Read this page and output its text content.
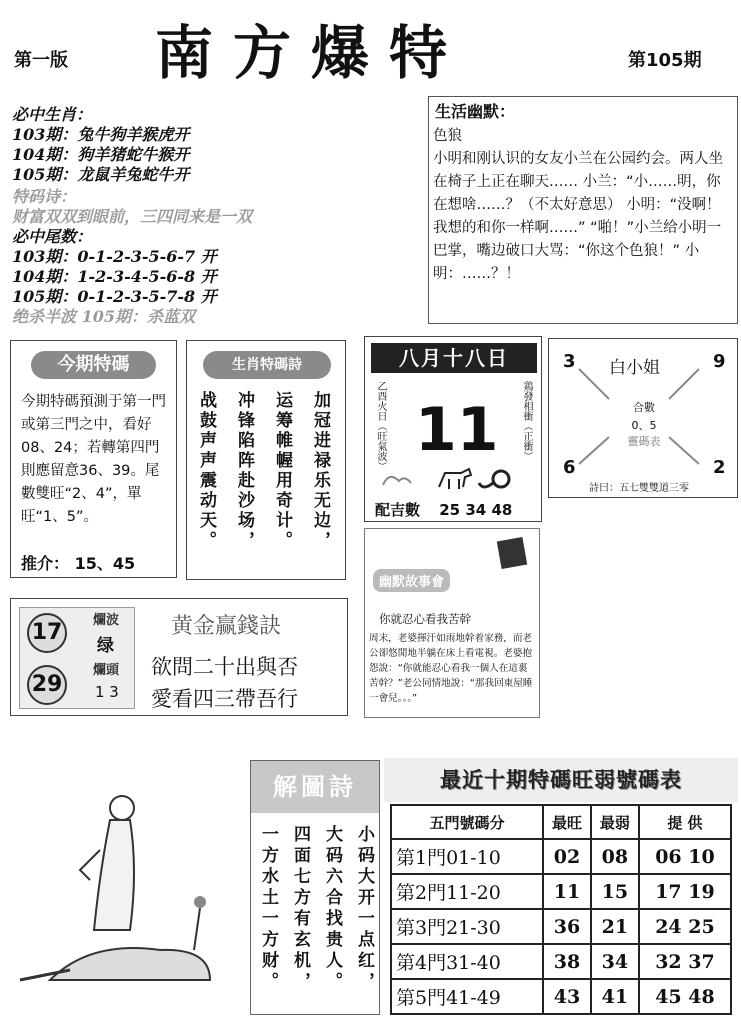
南方爆特
第一版	第105期
必中生肖：
103期：兔牛狗羊猴虎开
104期：狗羊猪蛇牛猴开
105期：龙鼠羊兔蛇牛开
特码诗：
财富双双到眼前，三四同来是一双
必中尾数：
103期：0-1-2-3-5-6-7 开
104期：1-2-3-4-5-6-8 开
105期：0-1-2-3-5-7-8 开
绝杀半波 105期：杀蓝双
生活幽默：
色狼
小明和刚认识的女友小兰在公园约会。两人坐在椅子上正在聊天…… 小兰：“小……明，你在想啥……？（不太好意思） 小明：“没啊！我想的和你一样啊……” “啪！”小兰给小明一巴掌，嘴边破口大骂：“你这个色狼！” 小明：……？！
今期特碼
今期特碼預測于第一門或第三門之中，看好08、24；若轉第四門則應留意36、39。尾數雙旺“2、4”，單旺“1、5”。
推介： 15、45
生肖特碼詩
加冠进禄乐无边，
运筹帷幄用奇计。
冲锋陷阵赴沙场，
战鼓声声震动天。
八月十八日
乙酉火日（旺氣波）	鶏發相衝（正衝）
11
配吉數 25 34 48
白小姐
3	9
6	2
合數
0、5
靈碼表
詩曰：五七雙雙道三零
幽默故事會
你就忍心看我苦幹
周末，老婆揮汗如雨地幹着家務，而老公卻悠閒地半躺在床上看電視。老婆抱怨說：“你就能忍心看我一個人在這裏苦幹？”老公同情地說：“那我回東屋睡一會兒。。。”
17	爛波
绿
29
爛頭
1 3
黄金赢錢訣
欲問二十出與否
愛看四三帶吾行
解圖詩
小码大开一点红，
大码六合找贵人。
四面七方有玄机，
一方水土一方财。
最近十期特碼旺弱號碼表
五門號碼分	最旺	最弱	提 供
第1門01-10	02	08	06 10
第2門11-20	11	15	17 19
第3門21-30	36	21	24 25
第4門31-40	38	34	32 37
第5門41-49	43	41	45 48
